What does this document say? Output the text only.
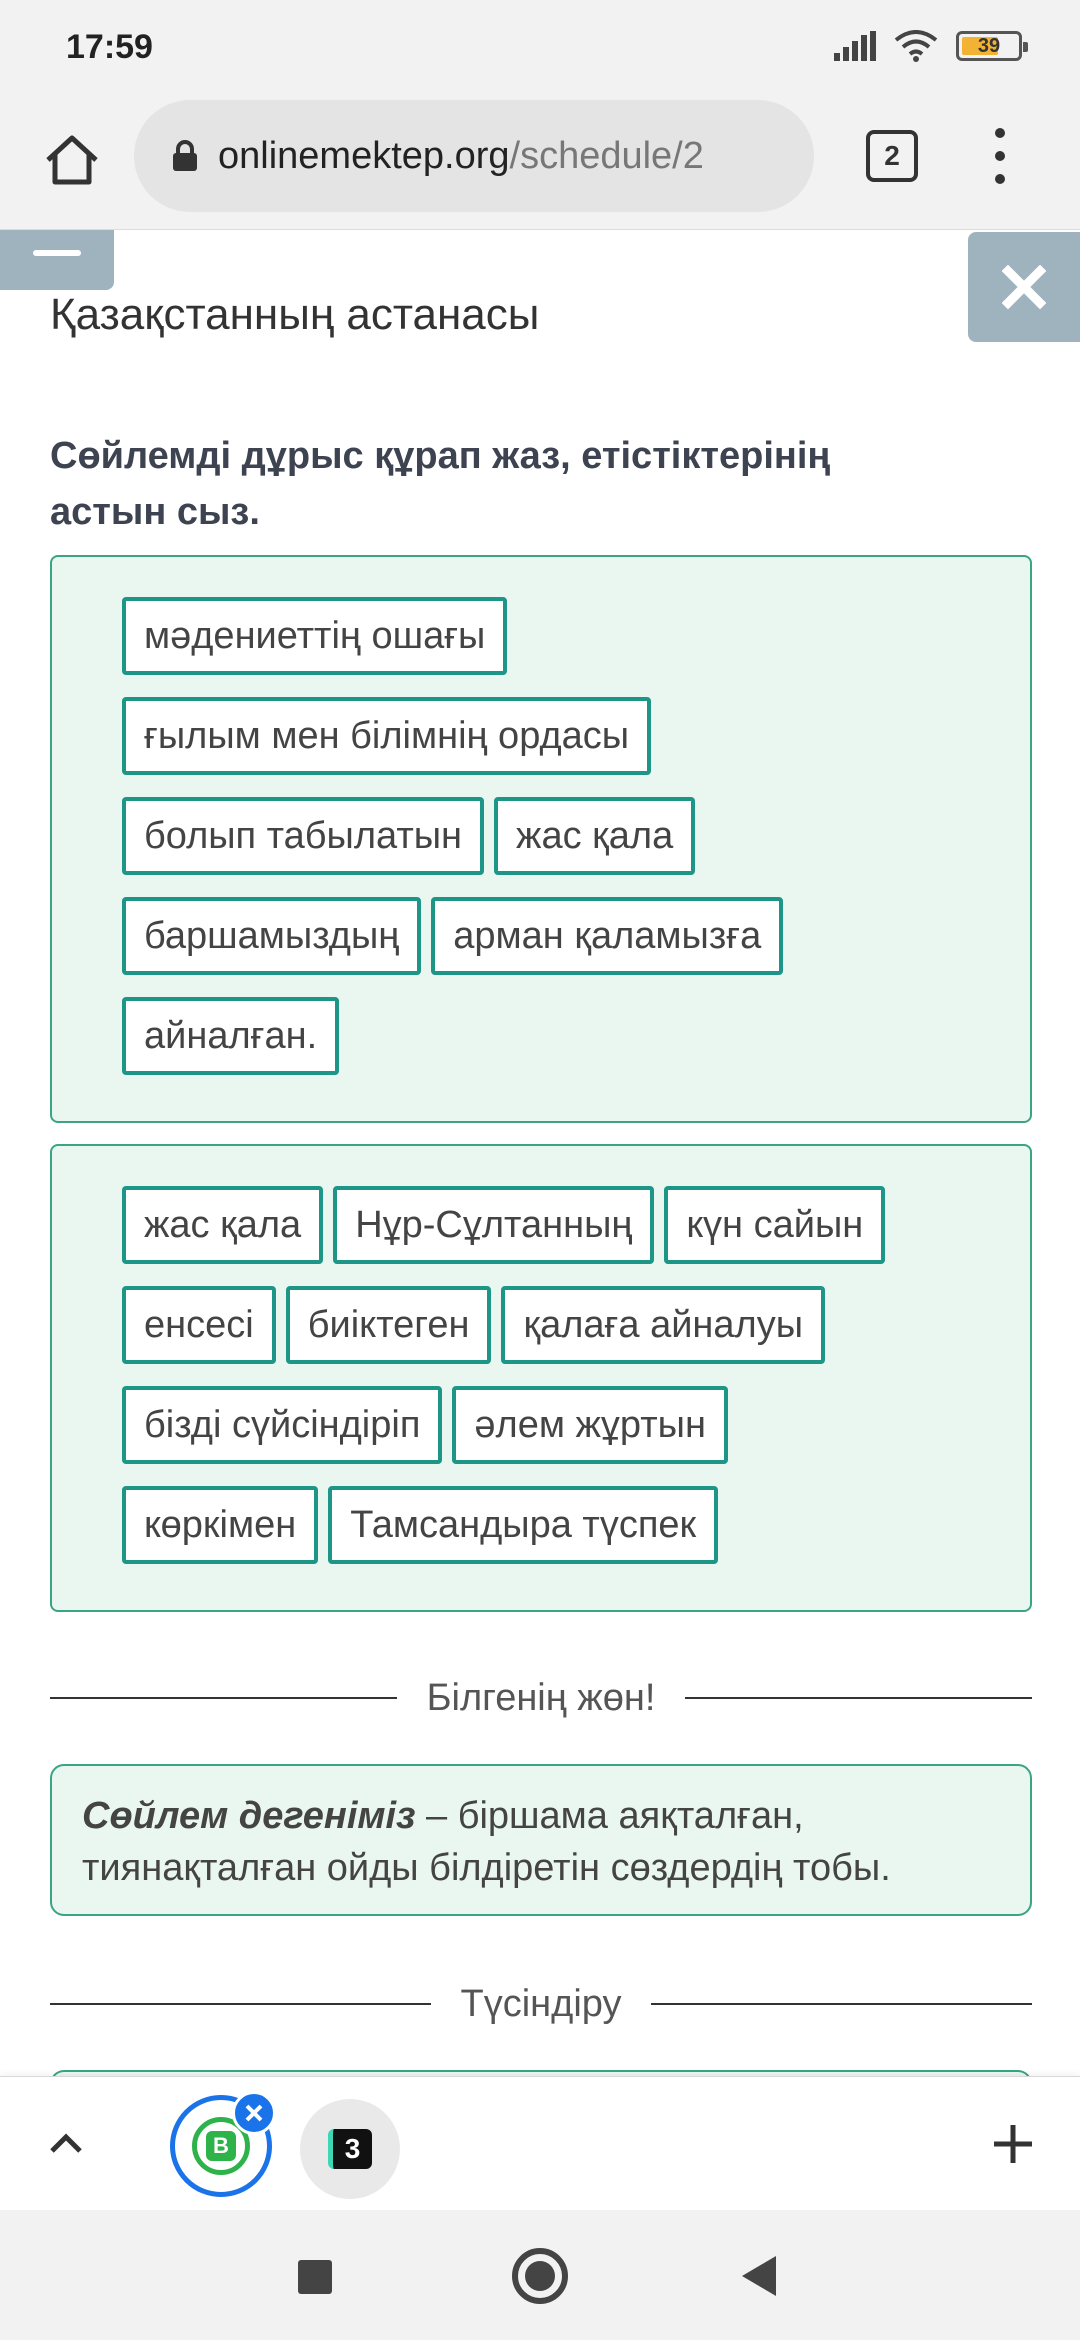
17:59	39
onlinemektep.org/schedule/2	2
Қазақстанның астанасы
Сөйлемді дұрыс құрап жаз, етістіктерінің астын сыз.
мәдениеттің ошағы
ғылым мен білімнің ордасы
болып табылатын	жас қала
баршамыздың	арман қаламызға
айналған.
жас қала	Нұр-Сұлтанның	күн сайын
енсесі	биіктеген	қалаға айналуы
бізді сүйсіндіріп	әлем жұртын
көркімен	Тамсандыра түспек
Білгенің жөн!
Сөйлем дегеніміз – біршама аяқталған, тиянақталған ойды білдіретін сөздердің тобы.
Түсіндіру
B	3
